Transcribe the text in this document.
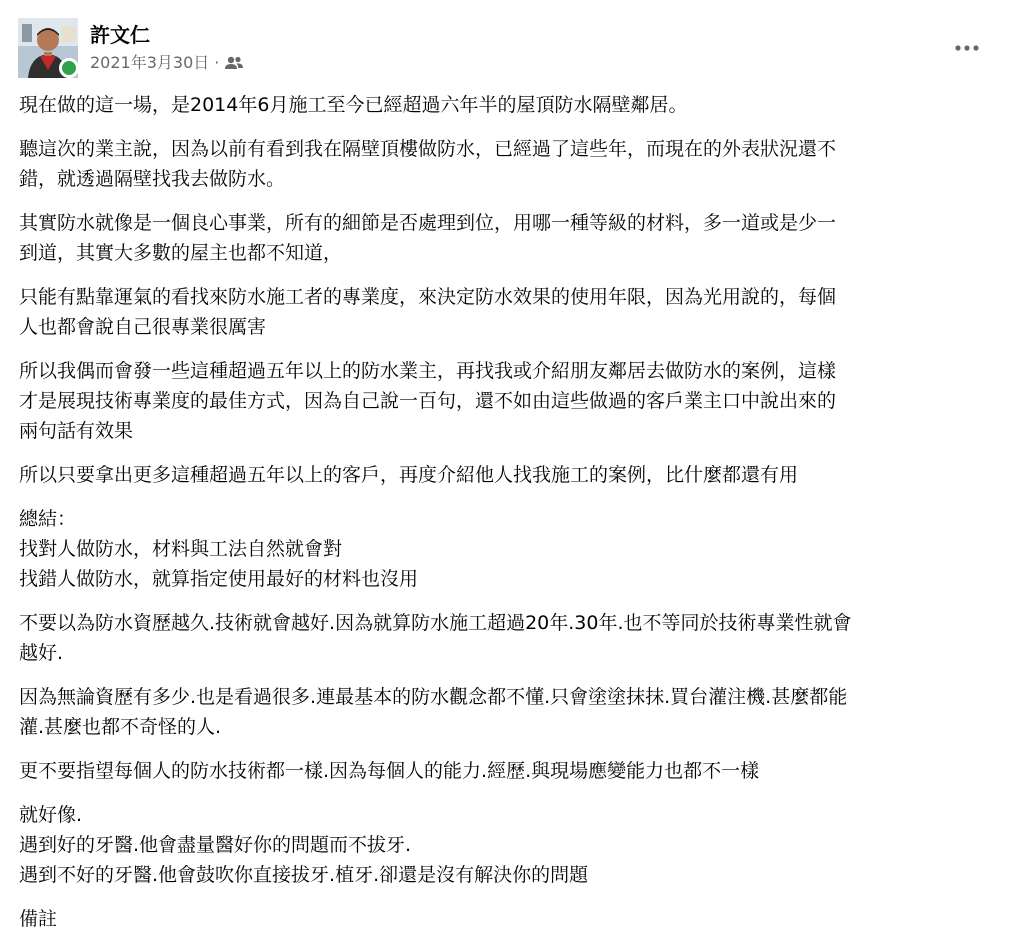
許文仁
2021年3月30日 ·
現在做的這一場，是2014年6月施工至今已經超過六年半的屋頂防水隔壁鄰居。
聽這次的業主說，因為以前有看到我在隔壁頂樓做防水，已經過了這些年，而現在的外表狀況還不
錯，就透過隔壁找我去做防水。
其實防水就像是一個良心事業，所有的細節是否處理到位，用哪一種等級的材料，多一道或是少一
到道，其實大多數的屋主也都不知道，
只能有點靠運氣的看找來防水施工者的專業度，來決定防水效果的使用年限，因為光用說的，每個
人也都會說自己很專業很厲害
所以我偶而會發一些這種超過五年以上的防水業主，再找我或介紹朋友鄰居去做防水的案例，這樣
才是展現技術專業度的最佳方式，因為自己說一百句，還不如由這些做過的客戶業主口中說出來的
兩句話有效果
所以只要拿出更多這種超過五年以上的客戶，再度介紹他人找我施工的案例，比什麼都還有用
總結：
找對人做防水，材料與工法自然就會對
找錯人做防水，就算指定使用最好的材料也沒用
不要以為防水資歷越久.技術就會越好.因為就算防水施工超過20年.30年.也不等同於技術專業性就會
越好.
因為無論資歷有多少.也是看過很多.連最基本的防水觀念都不懂.只會塗塗抹抹.買台灌注機.甚麼都能
灌.甚麼也都不奇怪的人.
更不要指望每個人的防水技術都一樣.因為每個人的能力.經歷.與現場應變能力也都不一樣
就好像.
遇到好的牙醫.他會盡量醫好你的問題而不拔牙.
遇到不好的牙醫.他會鼓吹你直接拔牙.植牙.卻還是沒有解決你的問題
備註
